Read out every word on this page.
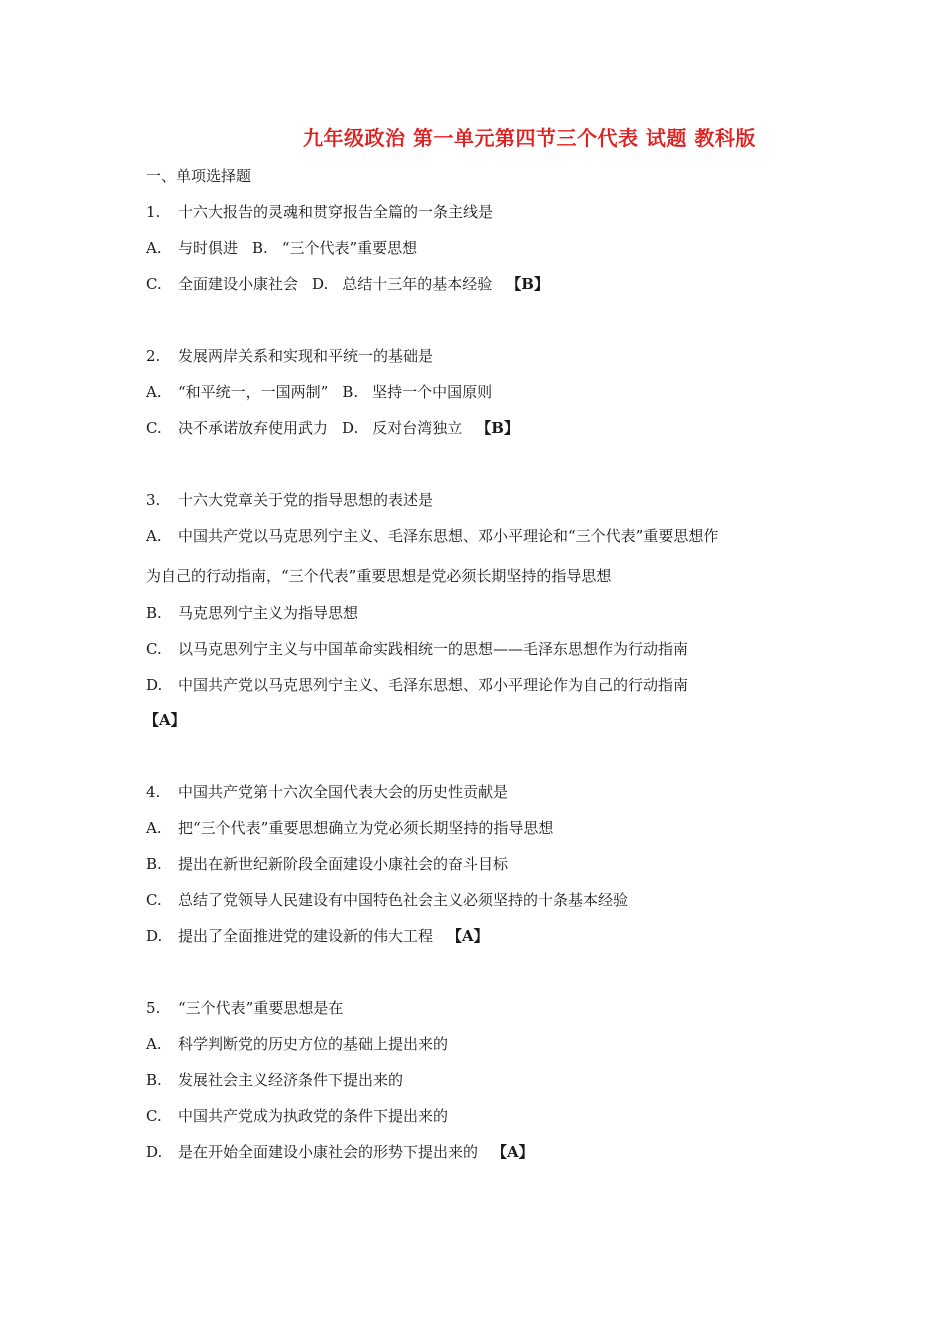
九年级政治 第一单元第四节三个代表 试题 教科版
一、单项选择题
1. 十六大报告的灵魂和贯穿报告全篇的一条主线是
A. 与时俱进 B. “三个代表”重要思想
C. 全面建设小康社会 D. 总结十三年的基本经验 【B】
2. 发展两岸关系和实现和平统一的基础是
A. “和平统一，一国两制” B. 坚持一个中国原则
C. 决不承诺放弃使用武力 D. 反对台湾独立 【B】
3. 十六大党章关于党的指导思想的表述是
A. 中国共产党以马克思列宁主义、毛泽东思想、邓小平理论和“三个代表”重要思想作
为自己的行动指南，“三个代表”重要思想是党必须长期坚持的指导思想
B. 马克思列宁主义为指导思想
C. 以马克思列宁主义与中国革命实践相统一的思想——毛泽东思想作为行动指南
D. 中国共产党以马克思列宁主义、毛泽东思想、邓小平理论作为自己的行动指南
【A】
4. 中国共产党第十六次全国代表大会的历史性贡献是
A. 把“三个代表”重要思想确立为党必须长期坚持的指导思想
B. 提出在新世纪新阶段全面建设小康社会的奋斗目标
C. 总结了党领导人民建设有中国特色社会主义必须坚持的十条基本经验
D. 提出了全面推进党的建设新的伟大工程 【A】
5. “三个代表”重要思想是在
A. 科学判断党的历史方位的基础上提出来的
B. 发展社会主义经济条件下提出来的
C. 中国共产党成为执政党的条件下提出来的
D. 是在开始全面建设小康社会的形势下提出来的 【A】
